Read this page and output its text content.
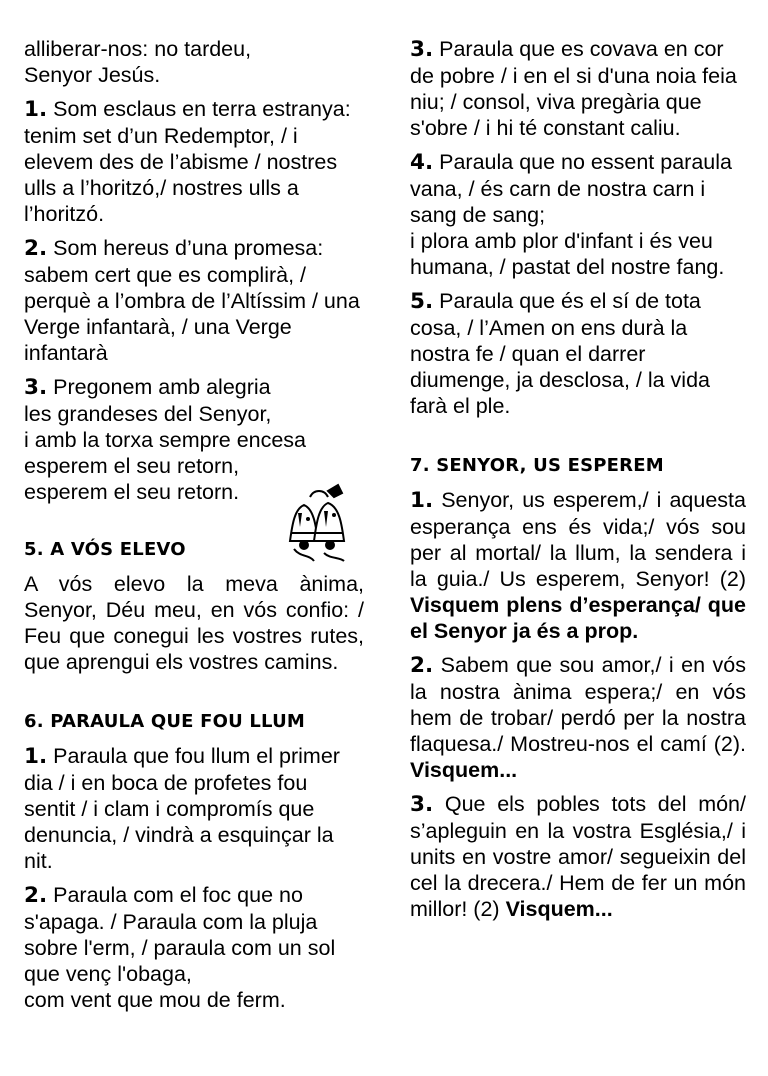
alliberar-nos: no tardeu,
Senyor Jesús.

1. Som esclaus en terra estranya: tenim set d’un Redemptor, / i elevem des de l’abisme / nostres ulls a l’horitzó,/ nostres ulls a l’horitzó.

2. Som hereus d’una promesa: sabem cert que es complirà, / perquè a l’ombra de l’Altíssim / una Verge infantarà, / una Verge infantarà

3. Pregonem amb alegria
les grandeses del Senyor,
i amb la torxa sempre encesa
esperem el seu retorn,
esperem el seu retorn.

5. A VÓS ELEVO

A vós elevo la meva ànima, Senyor, Déu meu, en vós confio: / Feu que conegui les vostres rutes, que aprengui els vostres camins.

6. PARAULA QUE FOU LLUM

1. Paraula que fou llum el primer dia / i en boca de profetes fou sentit / i clam i compromís que denuncia, / vindrà a esquinçar la nit.

2. Paraula com el foc que no s'apaga. / Paraula com la pluja sobre l'erm, / paraula com un sol que venç l'obaga,
com vent que mou de ferm.

3. Paraula que es covava en cor de pobre / i en el si d'una noia feia niu; / consol, viva pregària que s'obre / i hi té constant caliu.

4. Paraula que no essent paraula vana, / és carn de nostra carn i sang de sang;
i plora amb plor d'infant i és veu humana, / pastat del nostre fang.

5. Paraula que és el sí de tota cosa, / l’Amen on ens durà la nostra fe / quan el darrer diumenge, ja desclosa, / la vida farà el ple.

7. SENYOR, US ESPEREM

1. Senyor, us esperem,/ i aquesta esperança ens és vida;/ vós sou per al mortal/ la llum, la sendera i la guia./ Us esperem, Senyor! (2) Visquem plens d’esperança/ que el Senyor ja és a prop.

2. Sabem que sou amor,/ i en vós la nostra ànima espera;/ en vós hem de trobar/ perdó per la nostra flaquesa./ Mostreu-nos el camí (2). Visquem...

3. Que els pobles tots del món/ s’apleguin en la vostra Església,/ i units en vostre amor/ segueixin del cel la drecera./ Hem de fer un món millor! (2) Visquem...
